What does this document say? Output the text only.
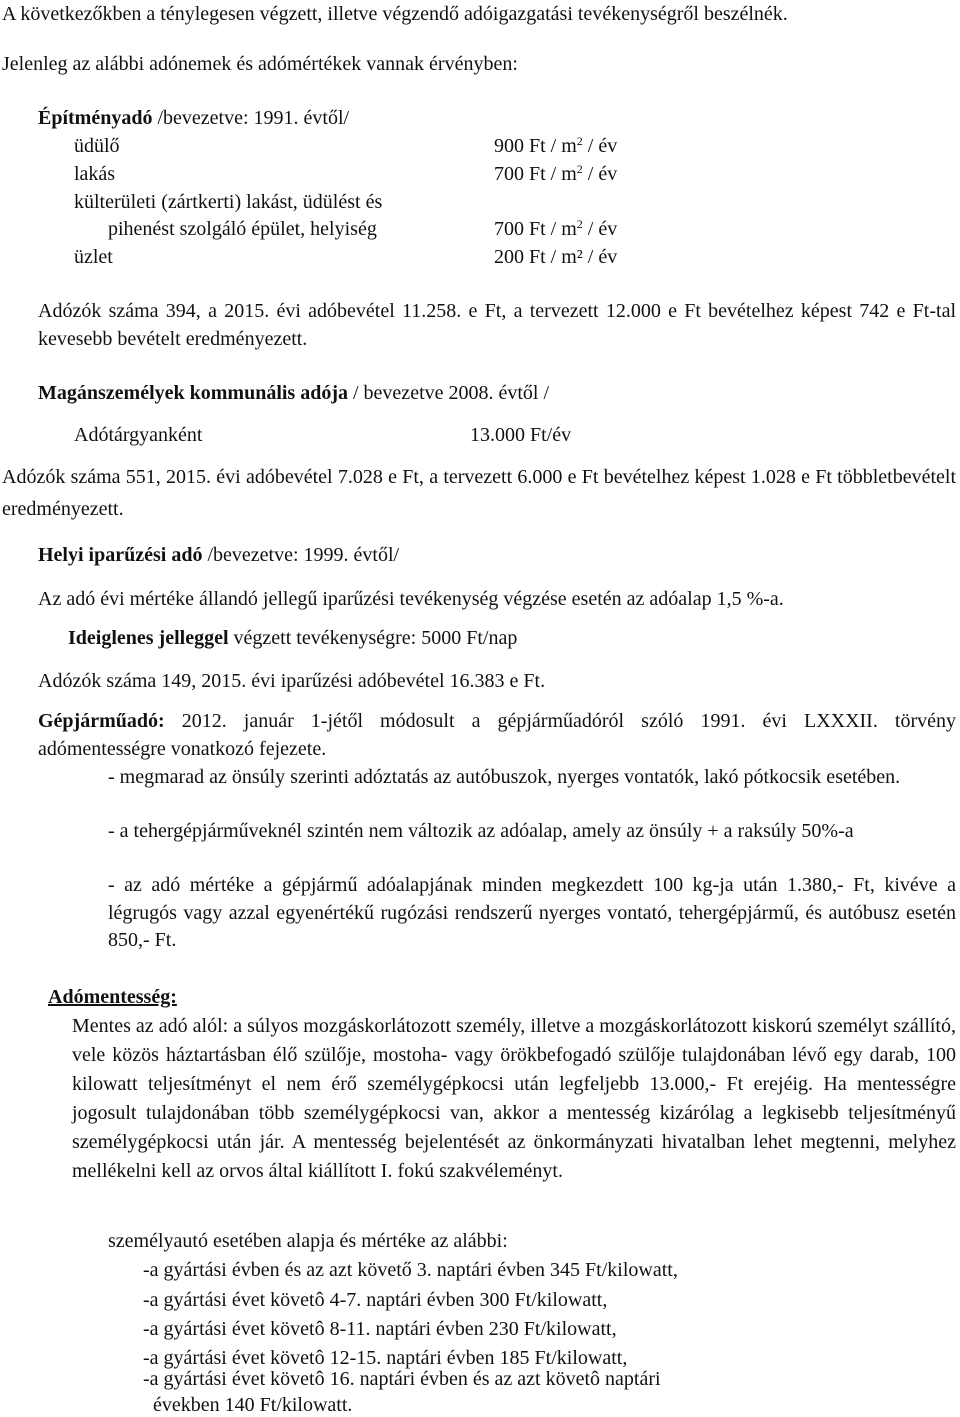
A következőkben a ténylegesen végzett, illetve végzendő adóigazgatási tevékenységről beszélnék.
Jelenleg az alábbi adónemek és adómértékek vannak érvényben:
Építményadó /bevezetve: 1991. évtől/
üdülő	900 Ft / $m^2$ / év
lakás	700 Ft / $m^2$ / év
külterületi (zártkerti) lakást, üdülést és
pihenést szolgáló épület, helyiség	700 Ft / $m^2$ / év
üzlet	200 Ft / m² / év
Adózók száma 394, a 2015. évi adóbevétel 11.258. e Ft, a tervezett 12.000 e Ft bevételhez képest 742 e Ft-tal kevesebb bevételt eredményezett.
Magánszemélyek kommunális adója / bevezetve 2008. évtől /
Adótárgyanként	13.000 Ft/év
Adózók száma 551, 2015. évi adóbevétel 7.028 e Ft, a tervezett 6.000 e Ft bevételhez képest 1.028 e Ft többletbevételt eredményezett.
Helyi iparűzési adó /bevezetve: 1999. évtől/
Az adó évi mértéke állandó jellegű iparűzési tevékenység végzése esetén az adóalap 1,5 %-a.
Ideiglenes jelleggel végzett tevékenységre: 5000 Ft/nap
Adózók száma 149, 2015. évi iparűzési adóbevétel 16.383 e Ft.
Gépjárműadó: 2012. január 1-jétől módosult a gépjárműadóról szóló 1991. évi LXXXII. törvény adómentességre vonatkozó fejezete.
- megmarad az önsúly szerinti adóztatás az autóbuszok, nyerges vontatók, lakó pótkocsik esetében.
- a tehergépjárműveknél szintén nem változik az adóalap, amely az önsúly + a raksúly 50%-a
- az adó mértéke a gépjármű adóalapjának minden megkezdett 100 kg-ja után 1.380,- Ft, kivéve a légrugós vagy azzal egyenértékű rugózási rendszerű nyerges vontató, tehergépjármű, és autóbusz esetén 850,- Ft.
Adómentesség:
Mentes az adó alól: a súlyos mozgáskorlátozott személy, illetve a mozgáskorlátozott kiskorú személyt szállító, vele közös háztartásban élő szülője, mostoha- vagy örökbefogadó szülője tulajdonában lévő egy darab, 100 kilowatt teljesítményt el nem érő személygépkocsi után legfeljebb 13.000,- Ft erejéig. Ha mentességre jogosult tulajdonában több személygépkocsi van, akkor a mentesség kizárólag a legkisebb teljesítményű személygépkocsi után jár. A mentesség bejelentését az önkormányzati hivatalban lehet megtenni, melyhez mellékelni kell az orvos által kiállított I. fokú szakvéleményt.
személyautó esetében alapja és mértéke az alábbi:
-a gyártási évben és az azt követő 3. naptári évben 345 Ft/kilowatt,
-a gyártási évet követô 4-7. naptári évben 300 Ft/kilowatt,
-a gyártási évet követô 8-11. naptári évben 230 Ft/kilowatt,
-a gyártási évet követô 12-15. naptári évben 185 Ft/kilowatt,
-a gyártási évet követô 16. naptári évben és az azt követô naptári
években 140 Ft/kilowatt.
